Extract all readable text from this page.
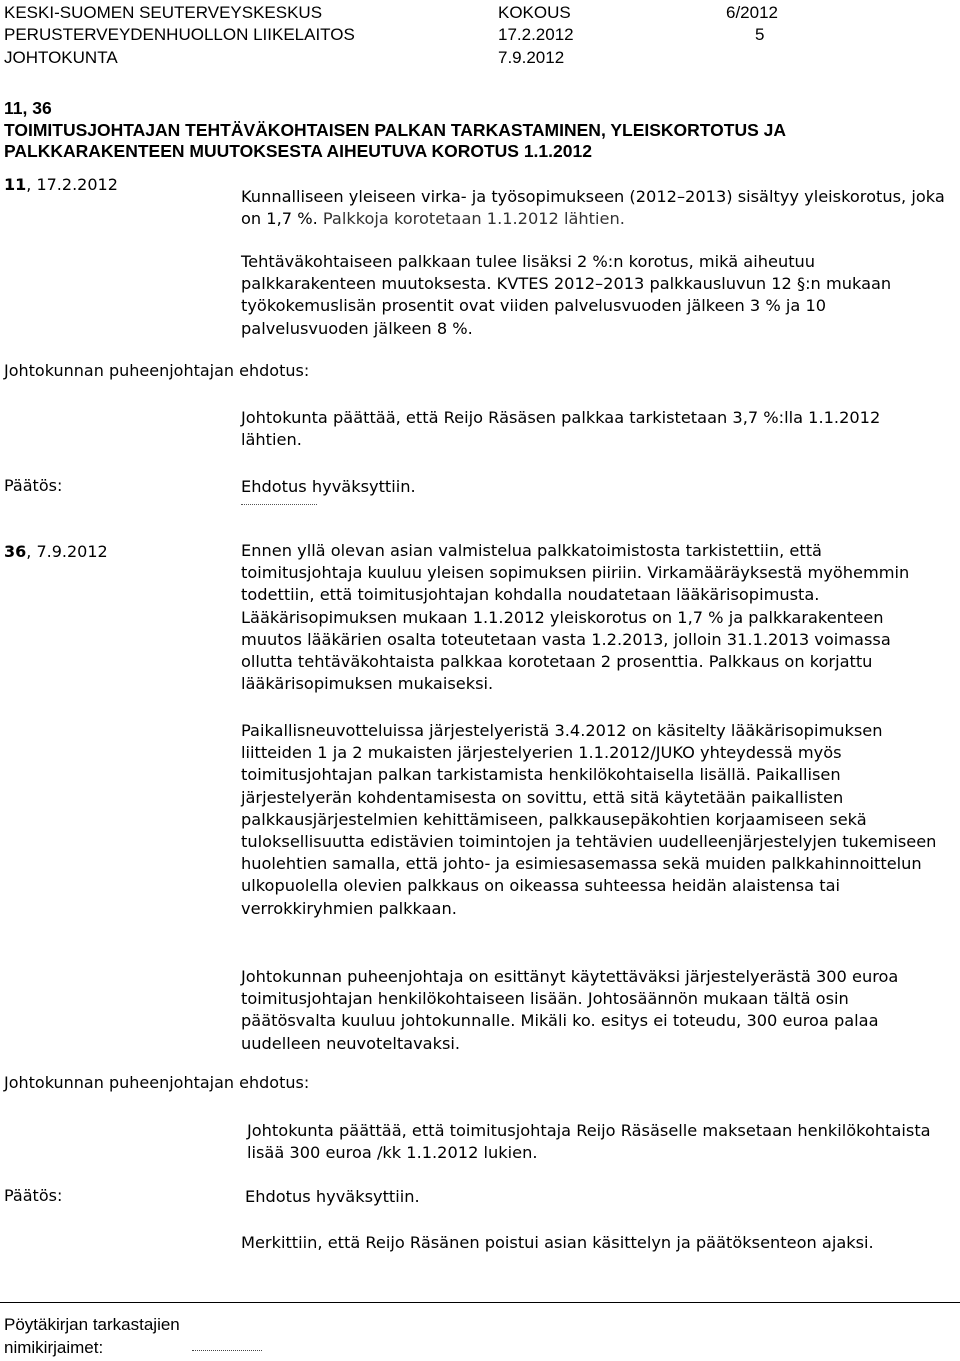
KESKI-SUOMEN SEUTERVEYSKESKUS
PERUSTERVEYDENHUOLLON LIIKELAITOS
JOHTOKUNTA
KOKOUS
17.2.2012
7.9.2012
6/2012
5
11, 36
TOIMITUSJOHTAJAN TEHTÄVÄKOHTAISEN PALKAN TARKASTAMINEN, YLEISKORTOTUS JA
PALKKARAKENTEEN MUUTOKSESTA AIHEUTUVA KOROTUS 1.1.2012
11, 17.2.2012

Kunnalliseen yleiseen virka- ja työsopimukseen (2012–2013) sisältyy yleiskorotus, joka on 1,7 %. Palkkoja korotetaan 1.1.2012 lähtien.

Tehtäväkohtaiseen palkkaan tulee lisäksi 2 %:n korotus, mikä aiheutuu palkkarakenteen muutoksesta. KVTES 2012–2013 palkkausluvun 12 §:n mukaan työkokemuslisän prosentit ovat viiden palvelusvuoden jälkeen 3 % ja 10 palvelusvuoden jälkeen 8 %.
Johtokunnan puheenjohtajan ehdotus:
Johtokunta päättää, että Reijo Räsäsen palkkaa tarkistetaan 3,7 %:lla 1.1.2012 lähtien.
Päätös:	Ehdotus hyväksyttiin.
36, 7.9.2012	Ennen yllä olevan asian valmistelua palkkatoimistosta tarkistettiin, että toimitusjohtaja kuuluu yleisen sopimuksen piiriin. Virkamääräyksestä myöhemmin todettiin, että toimitusjohtajan kohdalla noudatetaan lääkärisopimusta. Lääkärisopimuksen mukaan 1.1.2012 yleiskorotus on 1,7 % ja palkkarakenteen muutos lääkärien osalta toteutetaan vasta 1.2.2013, jolloin 31.1.2013 voimassa ollutta tehtäväkohtaista palkkaa korotetaan 2 prosenttia. Palkkaus on korjattu lääkärisopimuksen mukaiseksi.

Paikallisneuvotteluissa järjestelyeristä 3.4.2012 on käsitelty lääkärisopimuksen liitteiden 1 ja 2 mukaisten järjestelyerien 1.1.2012/JUKO yhteydessä myös toimitusjohtajan palkan tarkistamista henkilökohtaisella lisällä. Paikallisen järjestelyerän kohdentamisesta on sovittu, että sitä käytetään paikallisten palkkausjärjestelmien kehittämiseen, palkkausepäkohtien korjaamiseen sekä tuloksellisuutta edistävien toimintojen ja tehtävien uudelleenjärjestelyjen tukemiseen huolehtien samalla, että johto- ja esimiesasemassa sekä muiden palkkahinnoittelun ulkopuolella olevien palkkaus on oikeassa suhteessa heidän alaistensa tai verrokkiryhmien palkkaan.
Johtokunnan puheenjohtaja on esittänyt käytettäväksi järjestelyerästä 300 euroa toimitusjohtajan henkilökohtaiseen lisään. Johtosäännön mukaan tältä osin päätösvalta kuuluu johtokunnalle. Mikäli ko. esitys ei toteudu, 300 euroa palaa uudelleen neuvoteltavaksi.
Johtokunnan puheenjohtajan ehdotus:
Johtokunta päättää, että toimitusjohtaja Reijo Räsäselle maksetaan henkilökohtaista lisää 300 euroa /kk 1.1.2012 lukien.
Päätös:	Ehdotus hyväksyttiin.
Merkittiin, että Reijo Räsänen poistui asian käsittelyn ja päätöksenteon ajaksi.
Pöytäkirjan tarkastajien
nimikirjaimet:
